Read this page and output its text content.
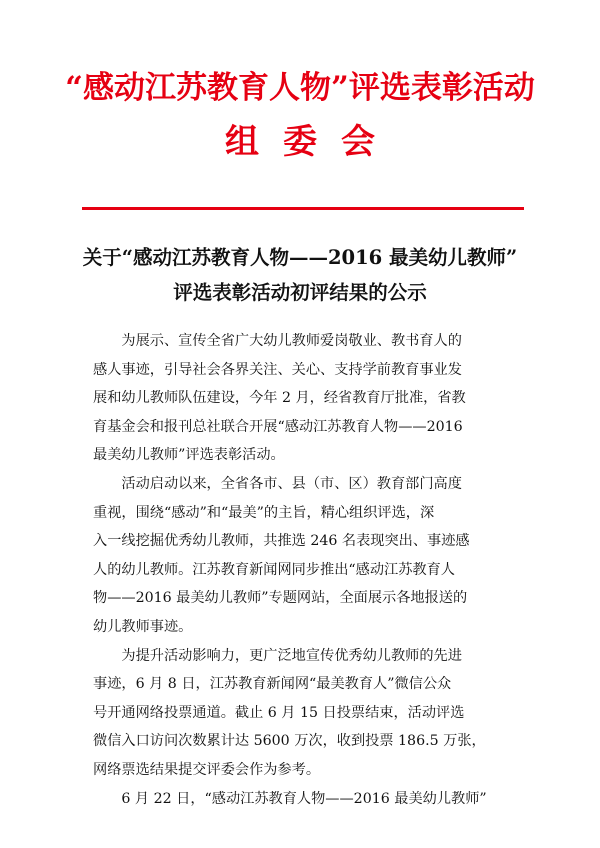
“感动江苏教育人物”评选表彰活动
组委会
关于“感动江苏教育人物——2016 最美幼儿教师”
评选表彰活动初评结果的公示
　　为展示、宣传全省广大幼儿教师爱岗敬业、教书育人的
感人事迹，引导社会各界关注、关心、支持学前教育事业发
展和幼儿教师队伍建设，今年 2 月，经省教育厅批准，省教
育基金会和报刊总社联合开展“感动江苏教育人物——2016
最美幼儿教师”评选表彰活动。
　　活动启动以来，全省各市、县（市、区）教育部门高度
重视，围绕“感动”和“最美”的主旨，精心组织评选，深
入一线挖掘优秀幼儿教师，共推选 246 名表现突出、事迹感
人的幼儿教师。江苏教育新闻网同步推出“感动江苏教育人
物——2016 最美幼儿教师”专题网站，全面展示各地报送的
幼儿教师事迹。
　　为提升活动影响力，更广泛地宣传优秀幼儿教师的先进
事迹，6 月 8 日，江苏教育新闻网“最美教育人”微信公众
号开通网络投票通道。截止 6 月 15 日投票结束，活动评选
微信入口访问次数累计达 5600 万次，收到投票 186.5 万张，
网络票选结果提交评委会作为参考。
　　6 月 22 日，“感动江苏教育人物——2016 最美幼儿教师”
